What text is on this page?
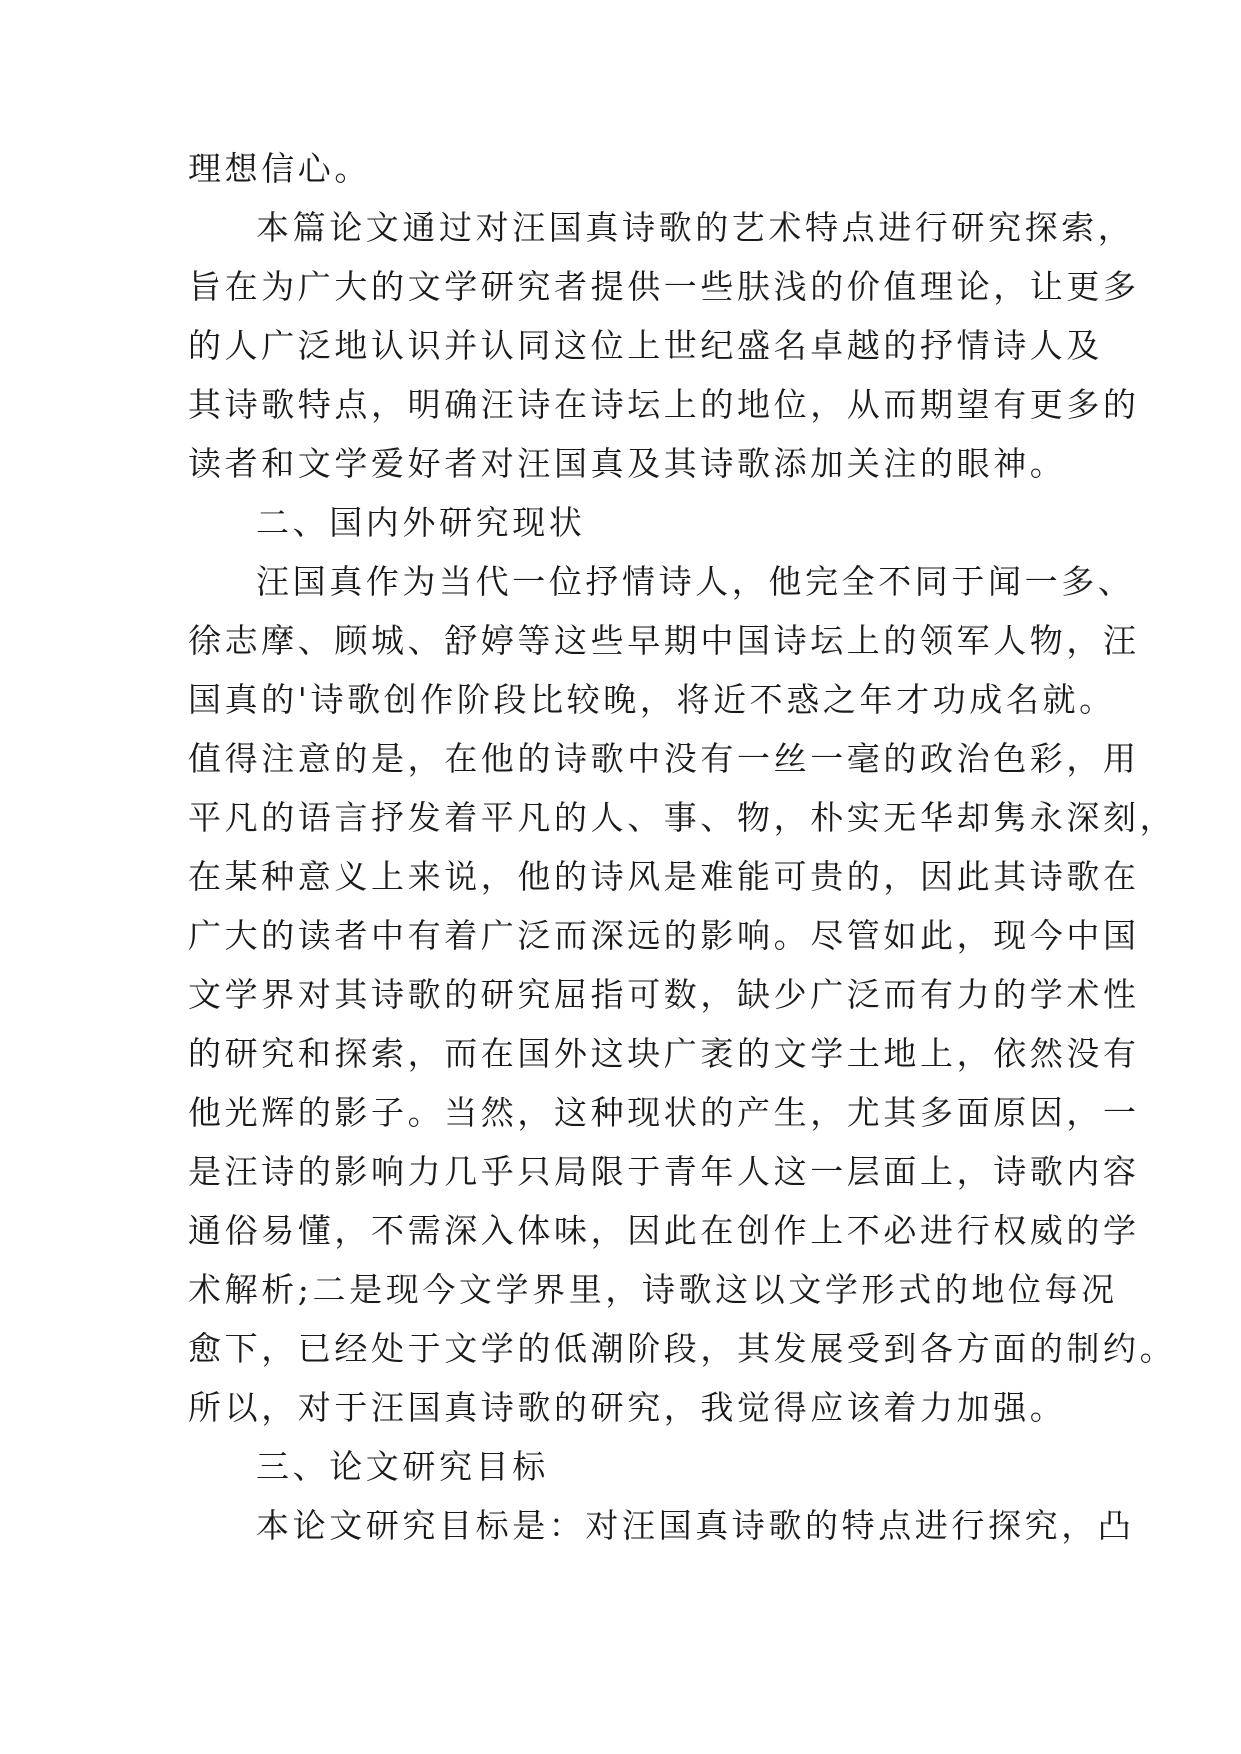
理想信心。
本篇论文通过对汪国真诗歌的艺术特点进行研究探索，
旨在为广大的文学研究者提供一些肤浅的价值理论，让更多
的人广泛地认识并认同这位上世纪盛名卓越的抒情诗人及
其诗歌特点，明确汪诗在诗坛上的地位，从而期望有更多的
读者和文学爱好者对汪国真及其诗歌添加关注的眼神。
二、国内外研究现状
汪国真作为当代一位抒情诗人，他完全不同于闻一多、
徐志摩、顾城、舒婷等这些早期中国诗坛上的领军人物，汪
国真的'诗歌创作阶段比较晚，将近不惑之年才功成名就。
值得注意的是，在他的诗歌中没有一丝一毫的政治色彩，用
平凡的语言抒发着平凡的人、事、物，朴实无华却隽永深刻，
在某种意义上来说，他的诗风是难能可贵的，因此其诗歌在
广大的读者中有着广泛而深远的影响。尽管如此，现今中国
文学界对其诗歌的研究屈指可数，缺少广泛而有力的学术性
的研究和探索，而在国外这块广袤的文学土地上，依然没有
他光辉的影子。当然，这种现状的产生，尤其多面原因，一
是汪诗的影响力几乎只局限于青年人这一层面上，诗歌内容
通俗易懂，不需深入体味，因此在创作上不必进行权威的学
术解析;二是现今文学界里，诗歌这以文学形式的地位每况
愈下，已经处于文学的低潮阶段，其发展受到各方面的制约。
所以，对于汪国真诗歌的研究，我觉得应该着力加强。
三、论文研究目标
本论文研究目标是：对汪国真诗歌的特点进行探究，凸
